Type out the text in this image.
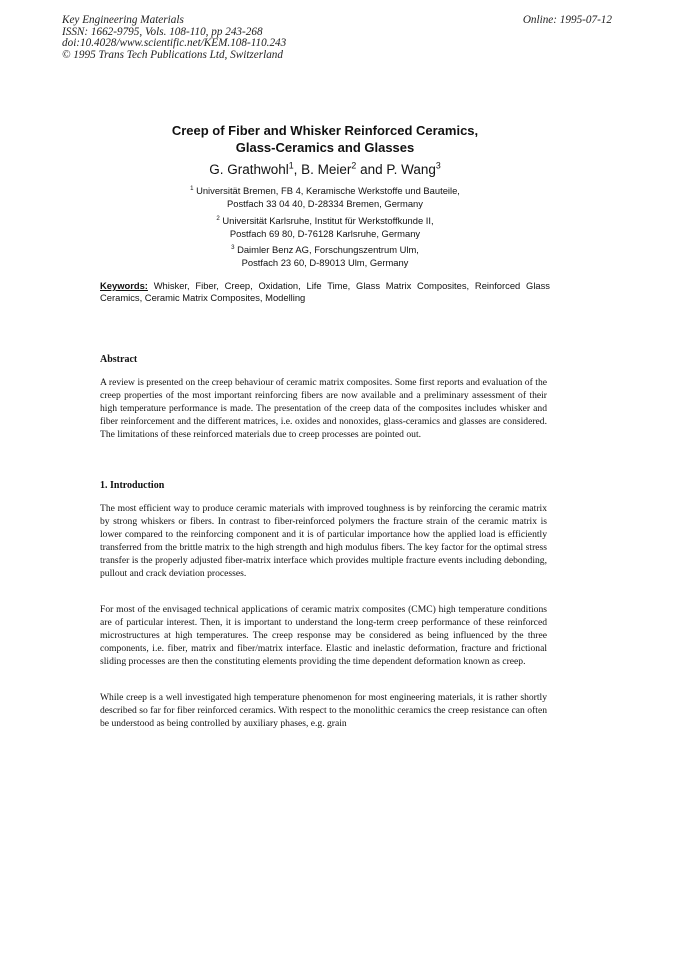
Key Engineering Materials
ISSN: 1662-9795, Vols. 108-110, pp 243-268
doi:10.4028/www.scientific.net/KEM.108-110.243
© 1995 Trans Tech Publications Ltd, Switzerland
Online: 1995-07-12
Creep of Fiber and Whisker Reinforced Ceramics,
Glass-Ceramics and Glasses
G. Grathwohl$^1$, B. Meier$^2$ and P. Wang$^3$
$^1$ Universität Bremen, FB 4, Keramische Werkstoffe und Bauteile,
Postfach 33 04 40, D-28334 Bremen, Germany
$^2$ Universität Karlsruhe, Institut für Werkstoffkunde II,
Postfach 69 80, D-76128 Karlsruhe, Germany
$^3$ Daimler Benz AG, Forschungszentrum Ulm,
Postfach 23 60, D-89013 Ulm, Germany
Keywords: Whisker, Fiber, Creep, Oxidation, Life Time, Glass Matrix Composites, Reinforced Glass Ceramics, Ceramic Matrix Composites, Modelling
Abstract

A review is presented on the creep behaviour of ceramic matrix composites. Some first reports and evaluation of the creep properties of the most important reinforcing fibers are now available and a preliminary assessment of their high temperature performance is made. The presentation of the creep data of the composites includes whisker and fiber reinforcement and the different matrices, i.e. oxides and nonoxides, glass-ceramics and glasses are considered. The limitations of these reinforced materials due to creep processes are pointed out.

1. Introduction

The most efficient way to produce ceramic materials with improved toughness is by reinforcing the ceramic matrix by strong whiskers or fibers. In contrast to fiber-reinforced polymers the fracture strain of the ceramic matrix is lower compared to the reinforcing component and it is of particular importance how the applied load is efficiently transferred from the brittle matrix to the high strength and high modulus fibers. The key factor for the optimal stress transfer is the properly adjusted fiber-matrix interface which provides multiple fracture events including debonding, pullout and crack deviation processes.

For most of the envisaged technical applications of ceramic matrix composites (CMC) high temperature conditions are of particular interest. Then, it is important to understand the long-term creep performance of these reinforced microstructures at high temperatures. The creep response may be considered as being influenced by the three components, i.e. fiber, matrix and fiber/matrix interface. Elastic and inelastic deformation, fracture and frictional sliding processes are then the constituting elements providing the time dependent deformation known as creep.

While creep is a well investigated high temperature phenomenon for most engineering materials, it is rather shortly described so far for fiber reinforced ceramics. With respect to the monolithic ceramics the creep resistance can often be understood as being controlled by auxiliary phases, e.g. grain
